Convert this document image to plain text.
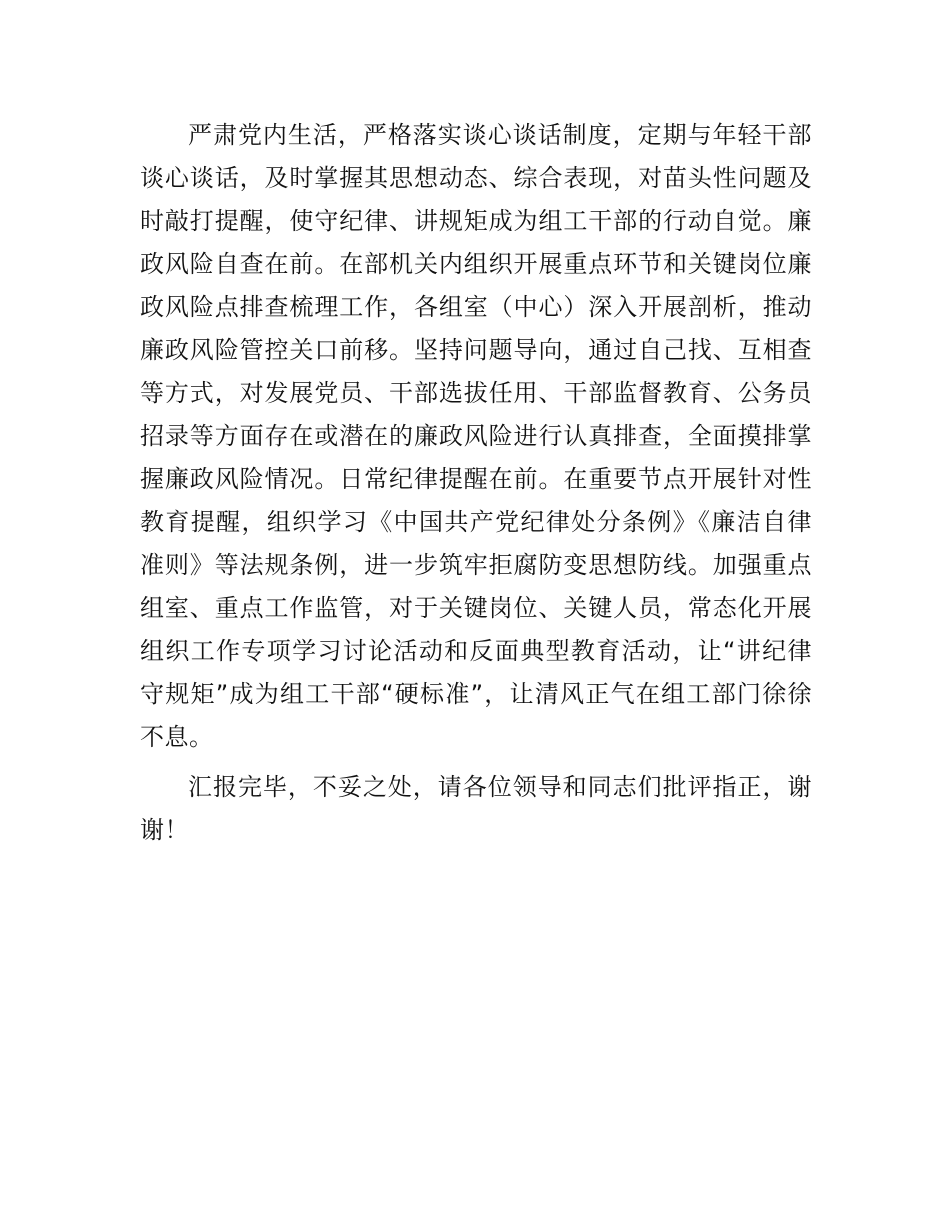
严肃党内生活，严格落实谈心谈话制度，定期与年轻干部谈心谈话，及时掌握其思想动态、综合表现，对苗头性问题及时敲打提醒，使守纪律、讲规矩成为组工干部的行动自觉。廉政风险自查在前。在部机关内组织开展重点环节和关键岗位廉政风险点排查梳理工作，各组室（中心）深入开展剖析，推动廉政风险管控关口前移。坚持问题导向，通过自己找、互相查等方式，对发展党员、干部选拔任用、干部监督教育、公务员招录等方面存在或潜在的廉政风险进行认真排查，全面摸排掌握廉政风险情况。日常纪律提醒在前。在重要节点开展针对性教育提醒，组织学习《中国共产党纪律处分条例》《廉洁自律准则》等法规条例，进一步筑牢拒腐防变思想防线。加强重点组室、重点工作监管，对于关键岗位、关键人员，常态化开展组织工作专项学习讨论活动和反面典型教育活动，让“讲纪律守规矩”成为组工干部“硬标准”，让清风正气在组工部门徐徐不息。

汇报完毕，不妥之处，请各位领导和同志们批评指正，谢谢！
